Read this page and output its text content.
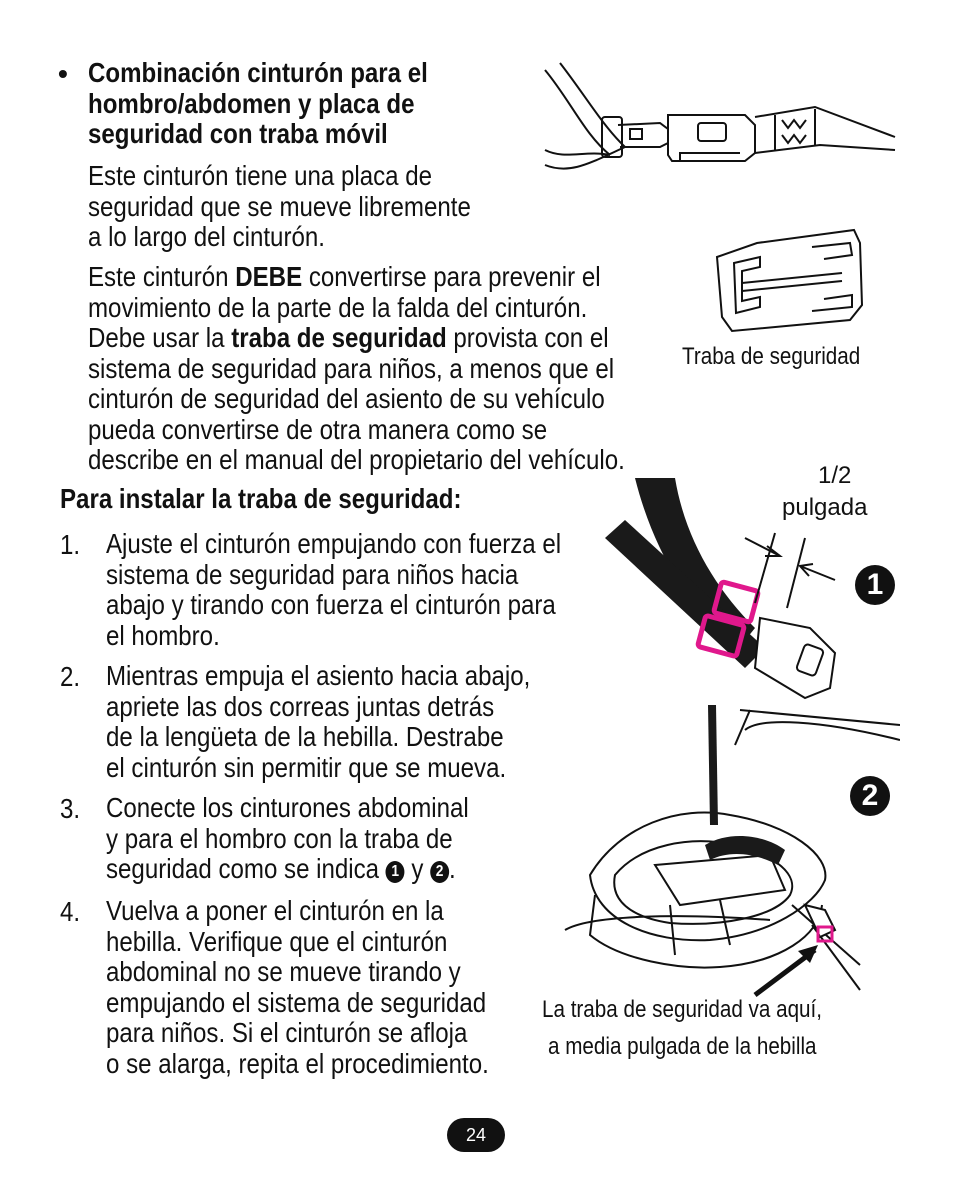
• Combinación cinturón para el
hombro/abdomen y placa de
seguridad con traba móvil
Este cinturón tiene una placa de
seguridad que se mueve libremente
a lo largo del cinturón.
Este cinturón DEBE convertirse para prevenir el
movimiento de la parte de la falda del cinturón.
Debe usar la traba de seguridad provista con el
sistema de seguridad para niños, a menos que el
cinturón de seguridad del asiento de su vehículo
pueda convertirse de otra manera como se
describe en el manual del propietario del vehículo.
Para instalar la traba de seguridad:
1. Ajuste el cinturón empujando con fuerza el
sistema de seguridad para niños hacia
abajo y tirando con fuerza el cinturón para
el hombro.
2. Mientras empuja el asiento hacia abajo,
apriete las dos correas juntas detrás
de la lengüeta de la hebilla. Destrabe
el cinturón sin permitir que se mueva.
3. Conecte los cinturones abdominal
y para el hombro con la traba de
seguridad como se indica 1 y 2 .
4. Vuelva a poner el cinturón en la
hebilla. Verifique que el cinturón
abdominal no se mueve tirando y
empujando el sistema de seguridad
para niños. Si el cinturón se afloja
o se alarga, repita el procedimiento.
Traba de seguridad
1/2
pulgada
1
2
La traba de seguridad va aquí,
a media pulgada de la hebilla
24
